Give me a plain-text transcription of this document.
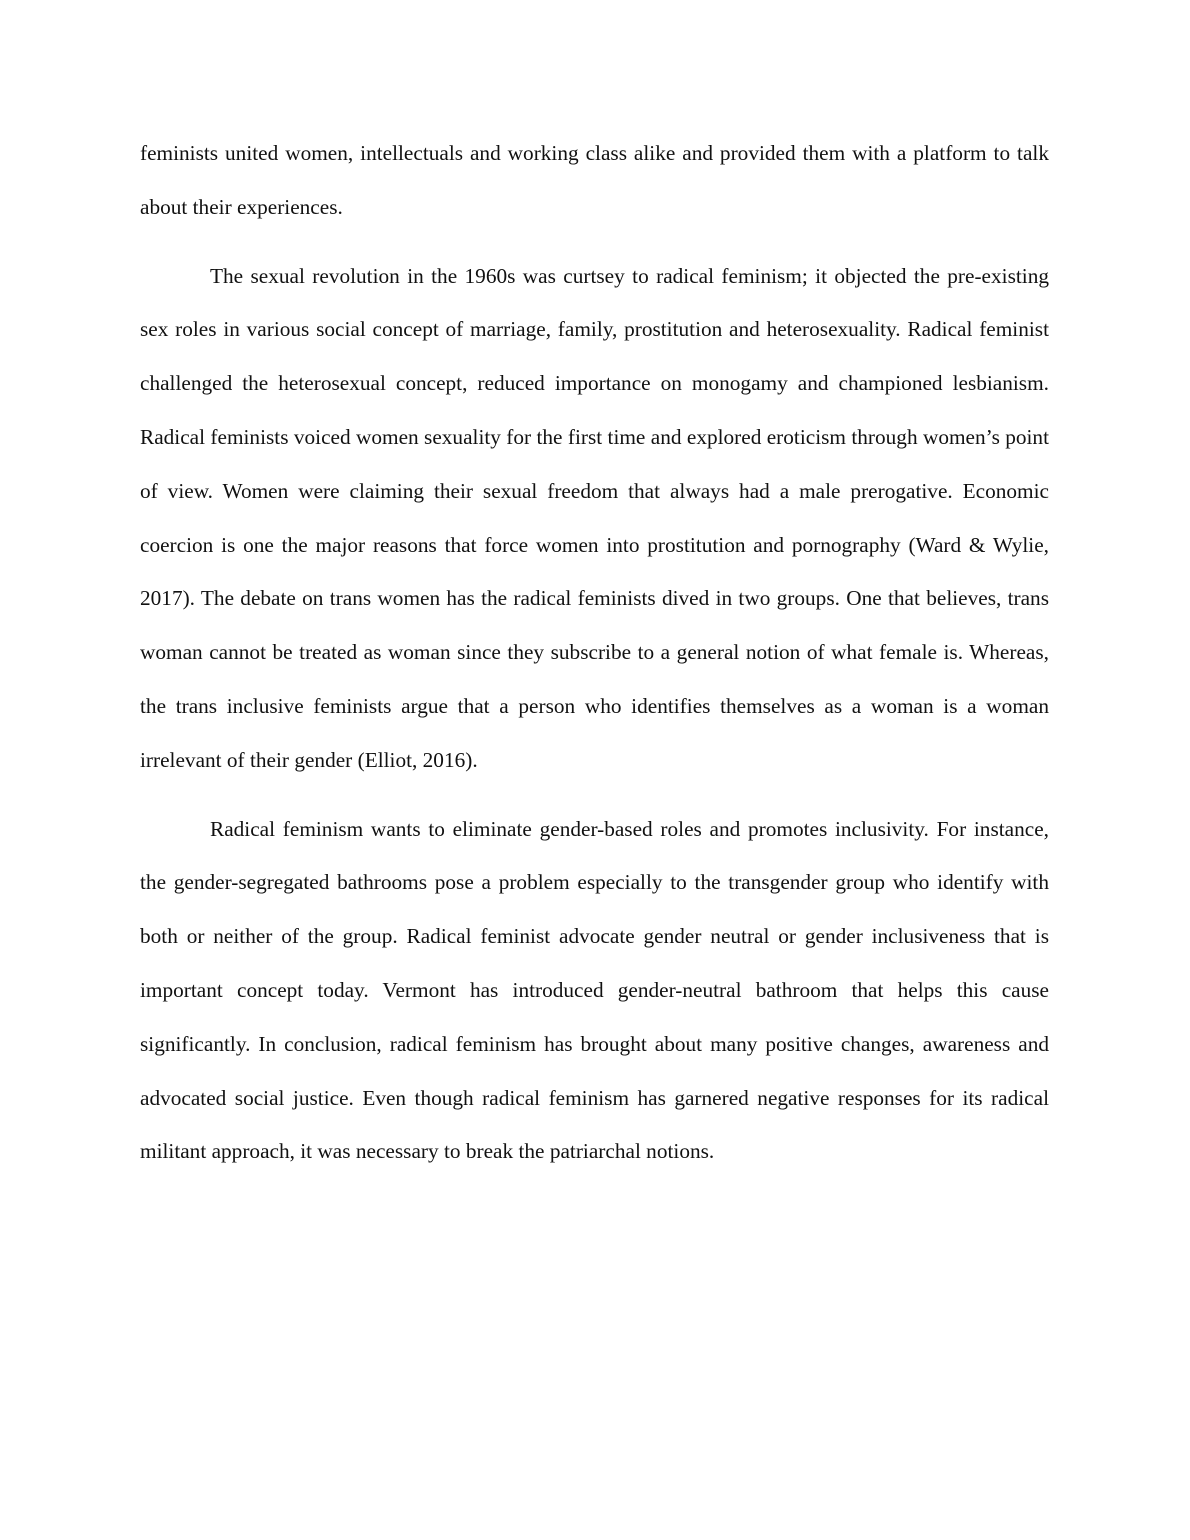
feminists united women, intellectuals and working class alike and provided them with a platform to talk about their experiences.

The sexual revolution in the 1960s was curtsey to radical feminism; it objected the pre-existing sex roles in various social concept of marriage, family, prostitution and heterosexuality. Radical feminist challenged the heterosexual concept, reduced importance on monogamy and championed lesbianism. Radical feminists voiced women sexuality for the first time and explored eroticism through women’s point of view. Women were claiming their sexual freedom that always had a male prerogative. Economic coercion is one the major reasons that force women into prostitution and pornography (Ward & Wylie, 2017). The debate on trans women has the radical feminists dived in two groups. One that believes, trans woman cannot be treated as woman since they subscribe to a general notion of what female is. Whereas, the trans inclusive feminists argue that a person who identifies themselves as a woman is a woman irrelevant of their gender (Elliot, 2016).

Radical feminism wants to eliminate gender-based roles and promotes inclusivity. For instance, the gender-segregated bathrooms pose a problem especially to the transgender group who identify with both or neither of the group. Radical feminist advocate gender neutral or gender inclusiveness that is important concept today. Vermont has introduced gender-neutral bathroom that helps this cause significantly. In conclusion, radical feminism has brought about many positive changes, awareness and advocated social justice. Even though radical feminism has garnered negative responses for its radical militant approach, it was necessary to break the patriarchal notions.
